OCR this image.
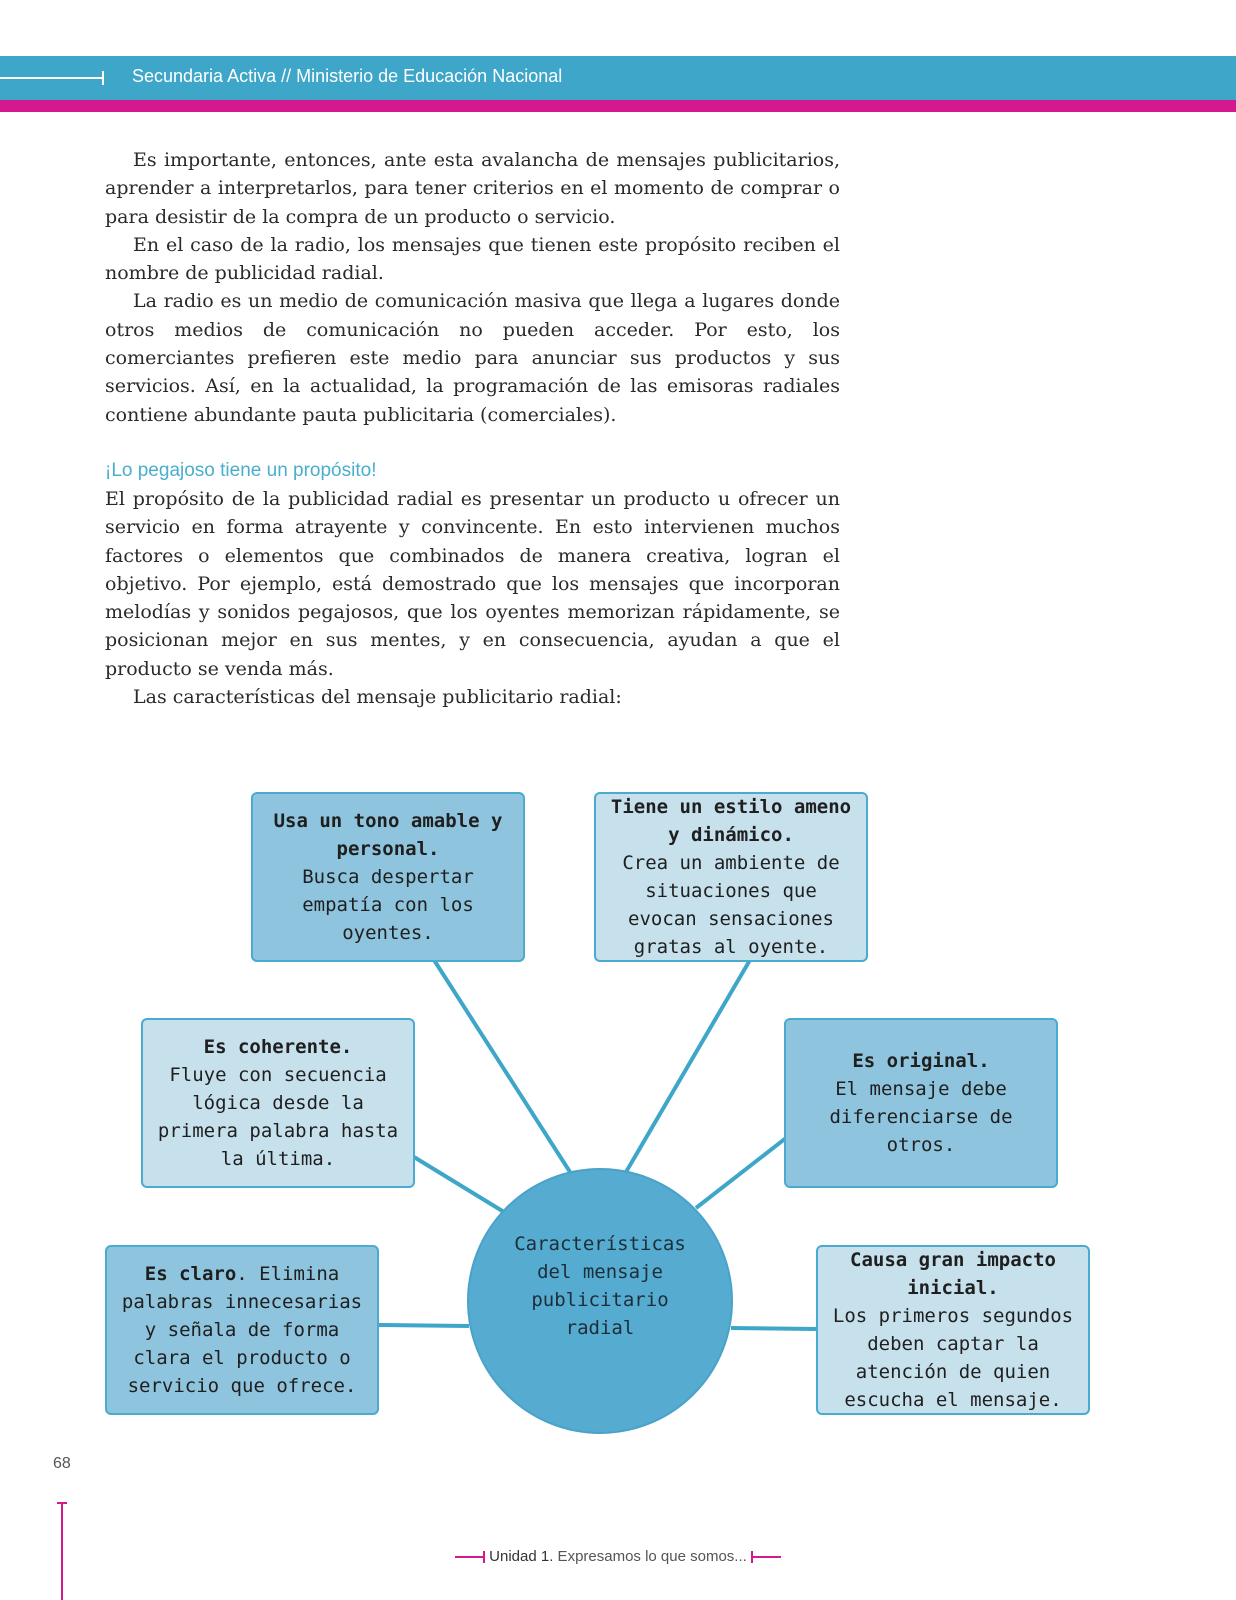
Secundaria Activa // Ministerio de Educación Nacional

Es importante, entonces, ante esta avalancha de mensajes publicitarios, aprender a interpretarlos, para tener criterios en el momento de comprar o para desistir de la compra de un producto o servicio.

En el caso de la radio, los mensajes que tienen este propósito reciben el nombre de publicidad radial.

La radio es un medio de comunicación masiva que llega a lugares donde otros medios de comunicación no pueden acceder. Por esto, los comerciantes prefieren este medio para anunciar sus productos y sus servicios. Así, en la actualidad, la programación de las emisoras radiales contiene abundante pauta publicitaria (comerciales).

¡Lo pegajoso tiene un propósito!

El propósito de la publicidad radial es presentar un producto u ofrecer un servicio en forma atrayente y convincente. En esto intervienen muchos factores o elementos que combinados de manera creativa, logran el objetivo. Por ejemplo, está demostrado que los mensajes que incorporan melodías y sonidos pegajosos, que los oyentes memorizan rápidamente, se posicionan mejor en sus mentes, y en consecuencia, ayudan a que el producto se venda más.

Las características del mensaje publicitario radial:

Usa un tono amable y personal.
Busca despertar empatía con los oyentes.
Tiene un estilo ameno y dinámico.
Crea un ambiente de situaciones que evocan sensaciones gratas al oyente.
Es coherente.
Fluye con secuencia lógica desde la primera palabra hasta la última.
Es original.
El mensaje debe diferenciarse de otros.
Es claro. Elimina palabras innecesarias y señala de forma clara el producto o servicio que ofrece.
Causa gran impacto inicial.
Los primeros segundos deben captar la atención de quien escucha el mensaje.
Características del mensaje publicitario radial
68
Unidad 1. Expresamos lo que somos...
